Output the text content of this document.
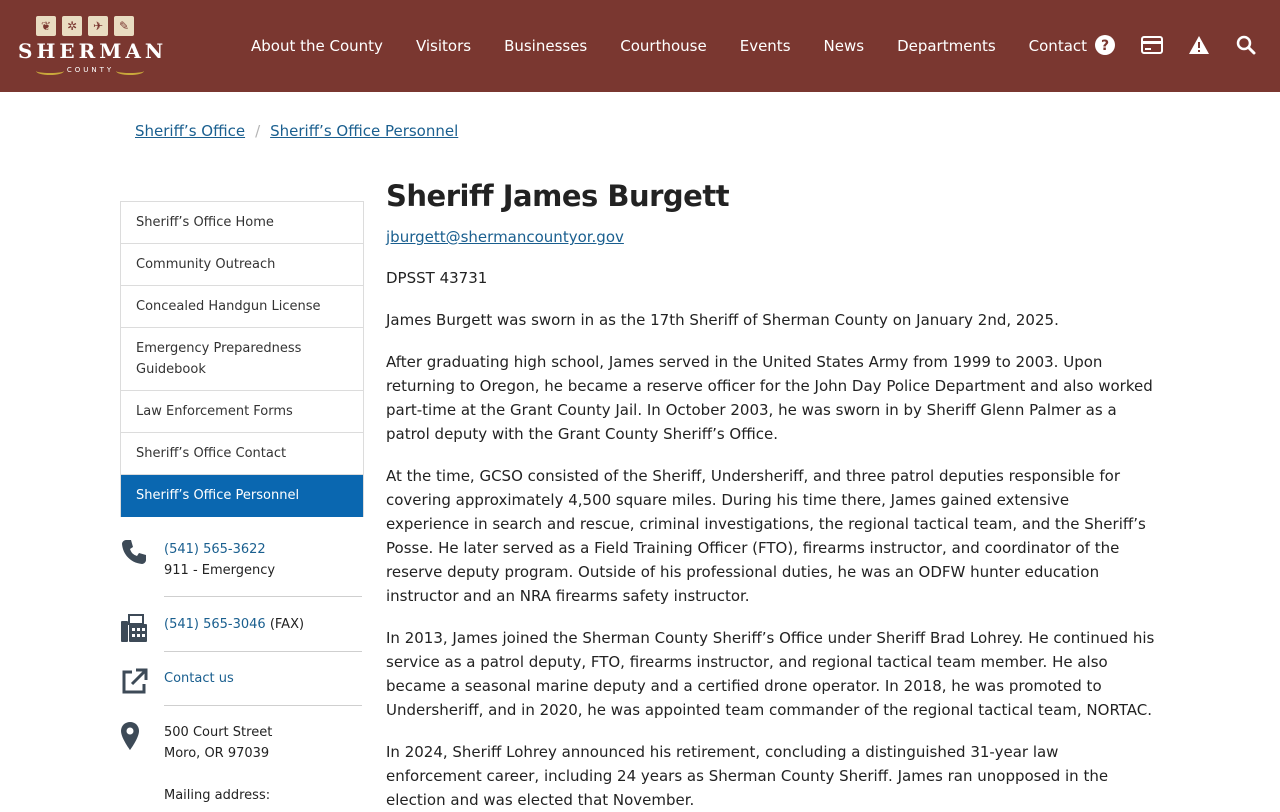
❦	✲	✈	✎
SHERMAN
COUNTY
About the County Visitors Businesses Courthouse Events News Departments Contact ?
Sheriff’s Office / Sheriff’s Office Personnel
Sheriff’s Office Home
Community Outreach
Concealed Handgun License
Emergency Preparedness Guidebook
Law Enforcement Forms
Sheriff’s Office Contact
Sheriff’s Office Personnel
(541) 565-3622
911 - Emergency
(541) 565-3046 (FAX)
Contact us
500 Court Street
Moro, OR 97039
Mailing address:
Sheriff James Burgett
jburgett@shermancountyor.gov

DPSST 43731

James Burgett was sworn in as the 17th Sheriff of Sherman County on January 2nd, 2025.

After graduating high school, James served in the United States Army from 1999 to 2003. Upon returning to Oregon, he became a reserve officer for the John Day Police Department and also worked part-time at the Grant County Jail. In October 2003, he was sworn in by Sheriff Glenn Palmer as a patrol deputy with the Grant County Sheriff’s Office.

At the time, GCSO consisted of the Sheriff, Undersheriff, and three patrol deputies responsible for covering approximately 4,500 square miles. During his time there, James gained extensive experience in search and rescue, criminal investigations, the regional tactical team, and the Sheriff’s Posse. He later served as a Field Training Officer (FTO), firearms instructor, and coordinator of the reserve deputy program. Outside of his professional duties, he was an ODFW hunter education instructor and an NRA firearms safety instructor.

In 2013, James joined the Sherman County Sheriff’s Office under Sheriff Brad Lohrey. He continued his service as a patrol deputy, FTO, firearms instructor, and regional tactical team member. He also became a seasonal marine deputy and a certified drone operator. In 2018, he was promoted to Undersheriff, and in 2020, he was appointed team commander of the regional tactical team, NORTAC.

In 2024, Sheriff Lohrey announced his retirement, concluding a distinguished 31-year law enforcement career, including 24 years as Sherman County Sheriff. James ran unopposed in the election and was elected that November.
